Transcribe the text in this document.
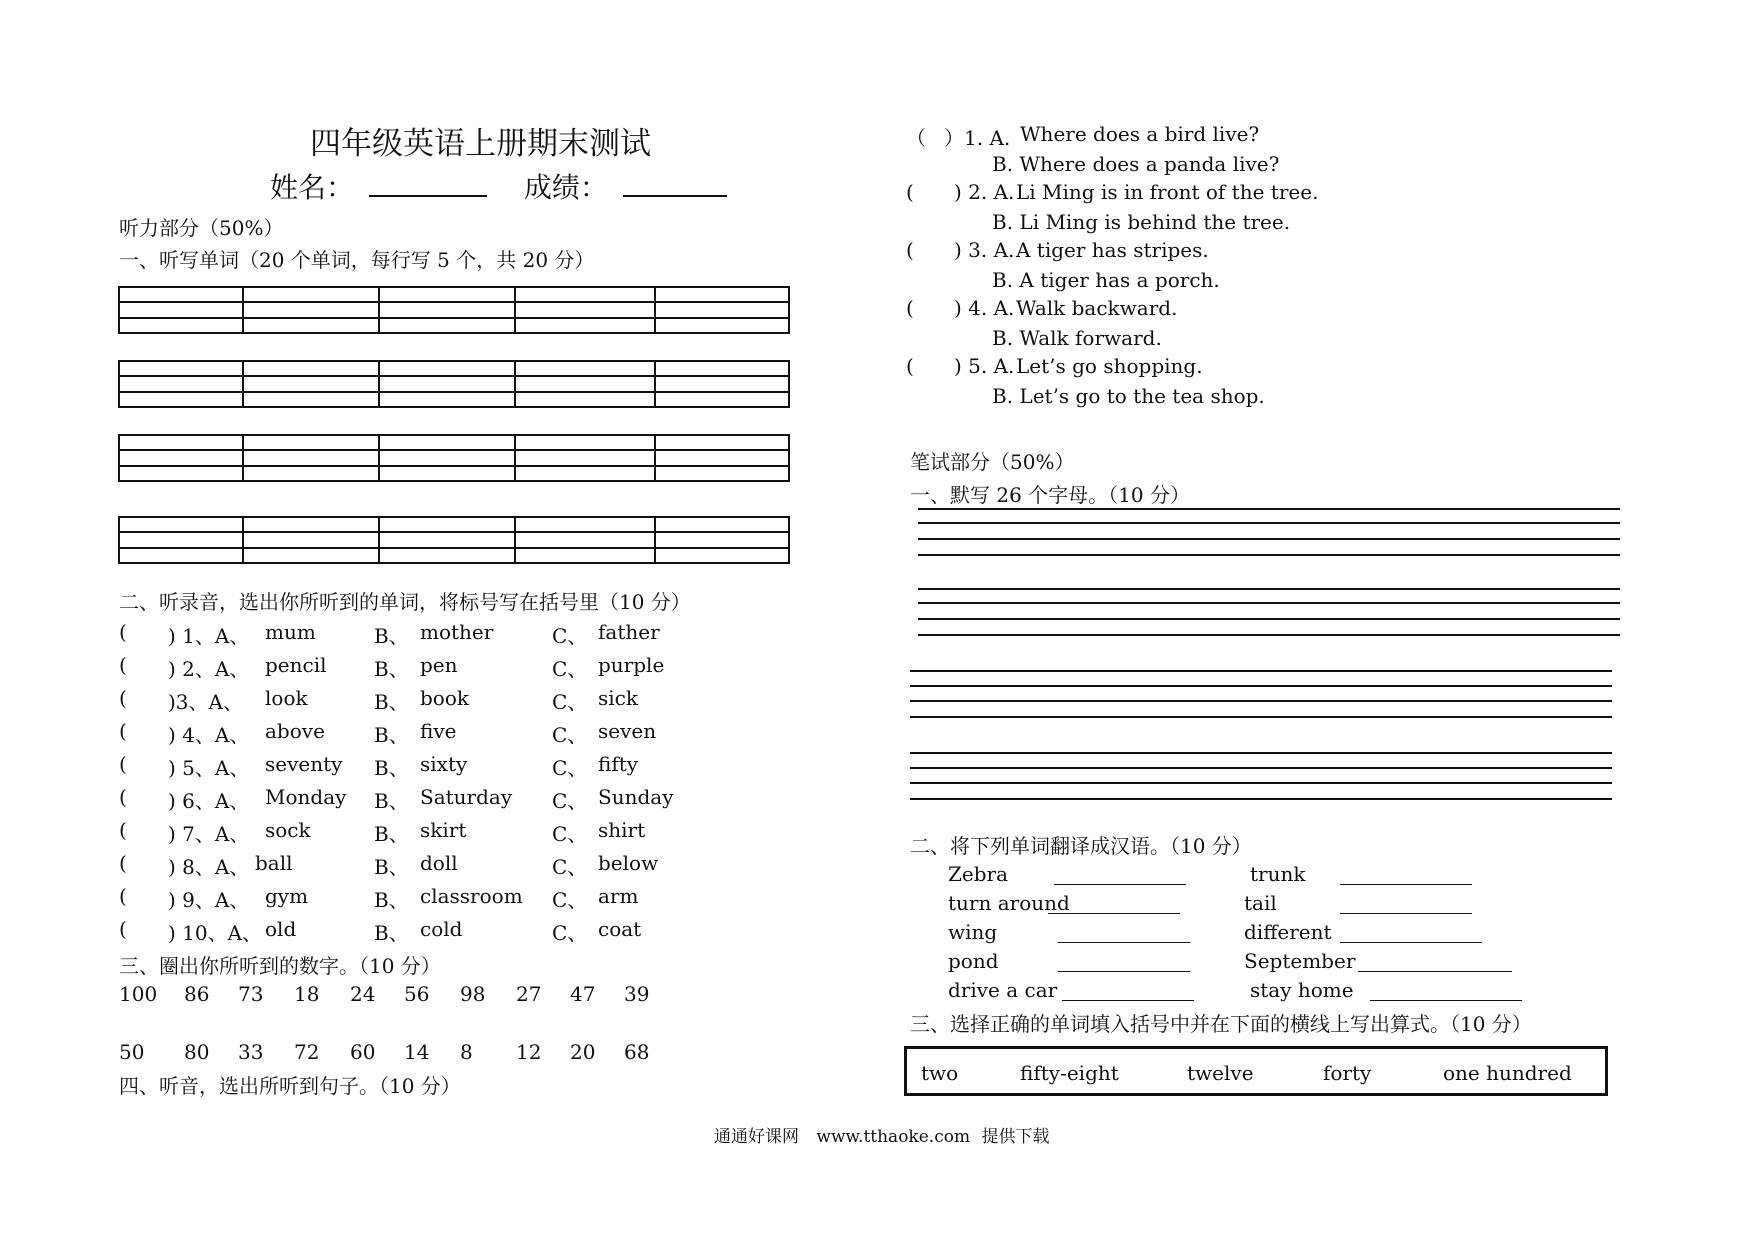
四年级英语上册期末测试
姓名：	成绩：
听力部分（50%）
一、听写单词（20 个单词，每行写 5 个，共 20 分）

二、听录音，选出你所听到的单词，将标号写在括号里（10 分）
( ) 1、A、 mum	B、 mother	C、 father
( ) 2、A、 pencil B、 pen	C、 purple
( )3、A、 look	B、 book	C、 sick
( ) 4、A、 above B、 five	C、 seven
( ) 5、A、 seventy B、 sixty	C、 fifty
( ) 6、A、 Monday B、 Saturday C、 Sunday
( ) 7、A、 sock	B、 skirt	C、 shirt
( ) 8、A、 ball	B、 doll	C、 below
( ) 9、A、 gym	B、 classroom C、 arm
( ) 10、A、 old	B、 cold	C、 coat
三、圈出你所听到的数字。（10 分）
100 86 73 18 24 56 98 27 47 39
50 80 33 72 60 14 8 12 20 68
四、听音，选出所听到句子。（10 分）
（ ）1. A. Where does a bird live?
B. Where does a panda live?
( ) 2. A. Li Ming is in front of the tree.
B. Li Ming is behind the tree.
( ) 3. A. A tiger has stripes.
B. A tiger has a porch.
( ) 4. A. Walk backward.
B. Walk forward.
( ) 5. A. Let’s go shopping.
B. Let’s go to the tea shop.
笔试部分（50%）
一、默写 26 个字母。（10 分）
二、将下列单词翻译成汉语。（10 分）
Zebra	trunk
turn around	tail
wing	different
pond	September
drive a car	stay home
三、选择正确的单词填入括号中并在下面的横线上写出算式。（10 分）
two	fifty-eight	twelve	forty	one hundred
通通好课网 www.tthaoke.com 提供下载
